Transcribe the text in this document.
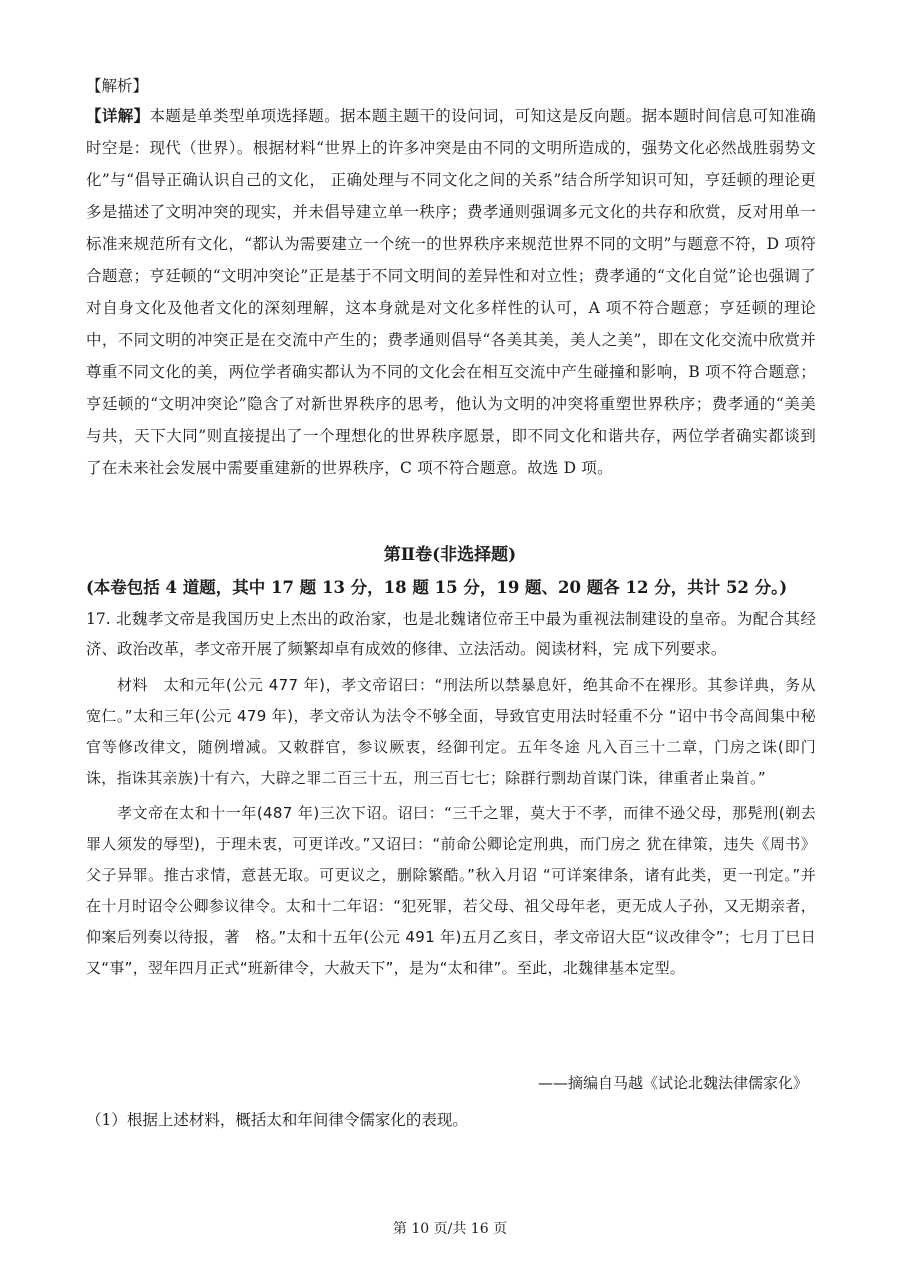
【解析】

【详解】本题是单类型单项选择题。据本题主题干的设问词，可知这是反向题。据本题时间信息可知准确时空是：现代（世界）。根据材料“世界上的许多冲突是由不同的文明所造成的，强势文化必然战胜弱势文化”与“倡导正确认识自己的文化， 正确处理与不同文化之间的关系”结合所学知识可知，亨廷顿的理论更多是描述了文明冲突的现实，并未倡导建立单一秩序；费孝通则强调多元文化的共存和欣赏，反对用单一标准来规范所有文化，“都认为需要建立一个统一的世界秩序来规范世界不同的文明”与题意不符，D 项符合题意；亨廷顿的“文明冲突论”正是基于不同文明间的差异性和对立性；费孝通的“文化自觉”论也强调了对自身文化及他者文化的深刻理解，这本身就是对文化多样性的认可，A 项不符合题意；亨廷顿的理论中，不同文明的冲突正是在交流中产生的；费孝通则倡导“各美其美，美人之美”，即在文化交流中欣赏并尊重不同文化的美，两位学者确实都认为不同的文化会在相互交流中产生碰撞和影响，B 项不符合题意；亨廷顿的“文明冲突论”隐含了对新世界秩序的思考，他认为文明的冲突将重塑世界秩序；费孝通的“美美与共，天下大同”则直接提出了一个理想化的世界秩序愿景，即不同文化和谐共存，两位学者确实都谈到了在未来社会发展中需要重建新的世界秩序，C 项不符合题意。故选 D 项。

第Ⅱ卷(非选择题)
(本卷包括 4 道题，其中 17 题 13 分，18 题 15 分，19 题、20 题各 12 分，共计 52 分。)

17. 北魏孝文帝是我国历史上杰出的政治家，也是北魏诸位帝王中最为重视法制建设的皇帝。为配合其经济、政治改革，孝文帝开展了频繁却卓有成效的修律、立法活动。阅读材料，完 成下列要求。

材料　太和元年(公元 477 年)，孝文帝诏曰：“刑法所以禁暴息奸，绝其命不在裸形。其参详典，务从宽仁。”太和三年(公元 479 年)，孝文帝认为法令不够全面，导致官吏用法时轻重不分 “诏中书令高闾集中秘官等修改律文，随例增减。又敕群官，参议厥衷，经御刊定。五年冬途 凡入百三十二章，门房之诛(即门诛，指诛其亲族)十有六，大辟之罪二百三十五，刑三百七七；除群行剽劫首谋门诛，律重者止枭首。”

孝文帝在太和十一年(487 年)三次下诏。诏曰：“三千之罪，莫大于不孝，而律不逊父母，那髡刑(剃去罪人须发的辱型)，于理未衷，可更详改。”又诏曰：“前命公卿论定刑典，而门房之 犹在律策，违失《周书》父子异罪。推古求情，意甚无取。可更议之，删除繁酷。”秋入月诏 “可详案律条，诸有此类，更一刊定。”并在十月时诏令公卿参议律令。太和十二年诏：“犯死罪，若父母、祖父母年老，更无成人子孙，又无期亲者，仰案后列奏以待报，著　格。”太和十五年(公元 491 年)五月乙亥日，孝文帝诏大臣“议改律令”；七月丁巳日又“事”，翌年四月正式“班新律令，大赦天下”，是为“太和律”。至此，北魏律基本定型。

——摘编自马越《试论北魏法律儒家化》
（1）根据上述材料，概括太和年间律令儒家化的表现。
第 10 页/共 16 页
